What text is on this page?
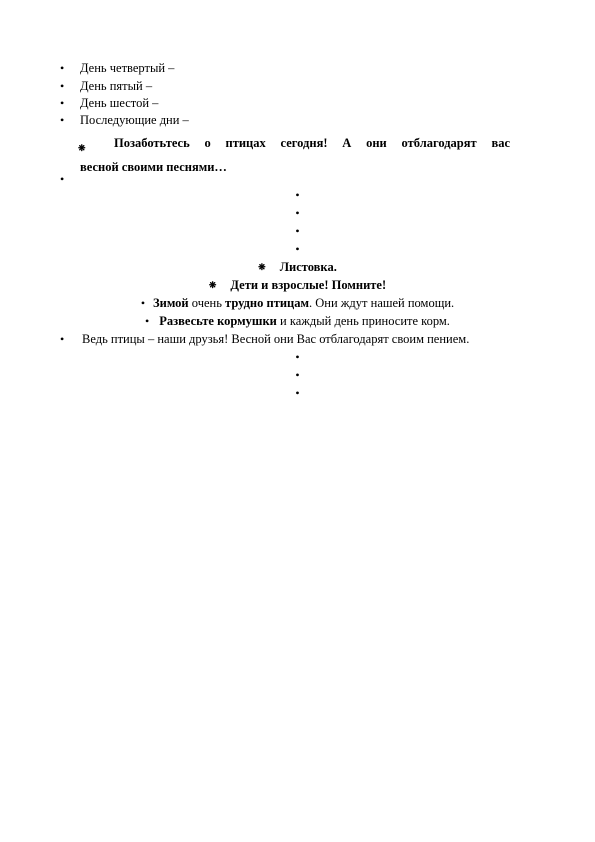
• День четвертый –
• День пятый –
• День шестой –
• Последующие дни –
❋	Позаботьтесь о птицах сегодня! А они отблагодарят вас
весной своими песнями…
•
•
•
•
•
❋ Листовка.
❋ Дети и взрослые! Помните!
• Зимой очень трудно птицам. Они ждут нашей помощи.
• Развесьте кормушки и каждый день приносите корм.
• Ведь птицы – наши друзья! Весной они Вас отблагодарят своим пением.
•
•
•
